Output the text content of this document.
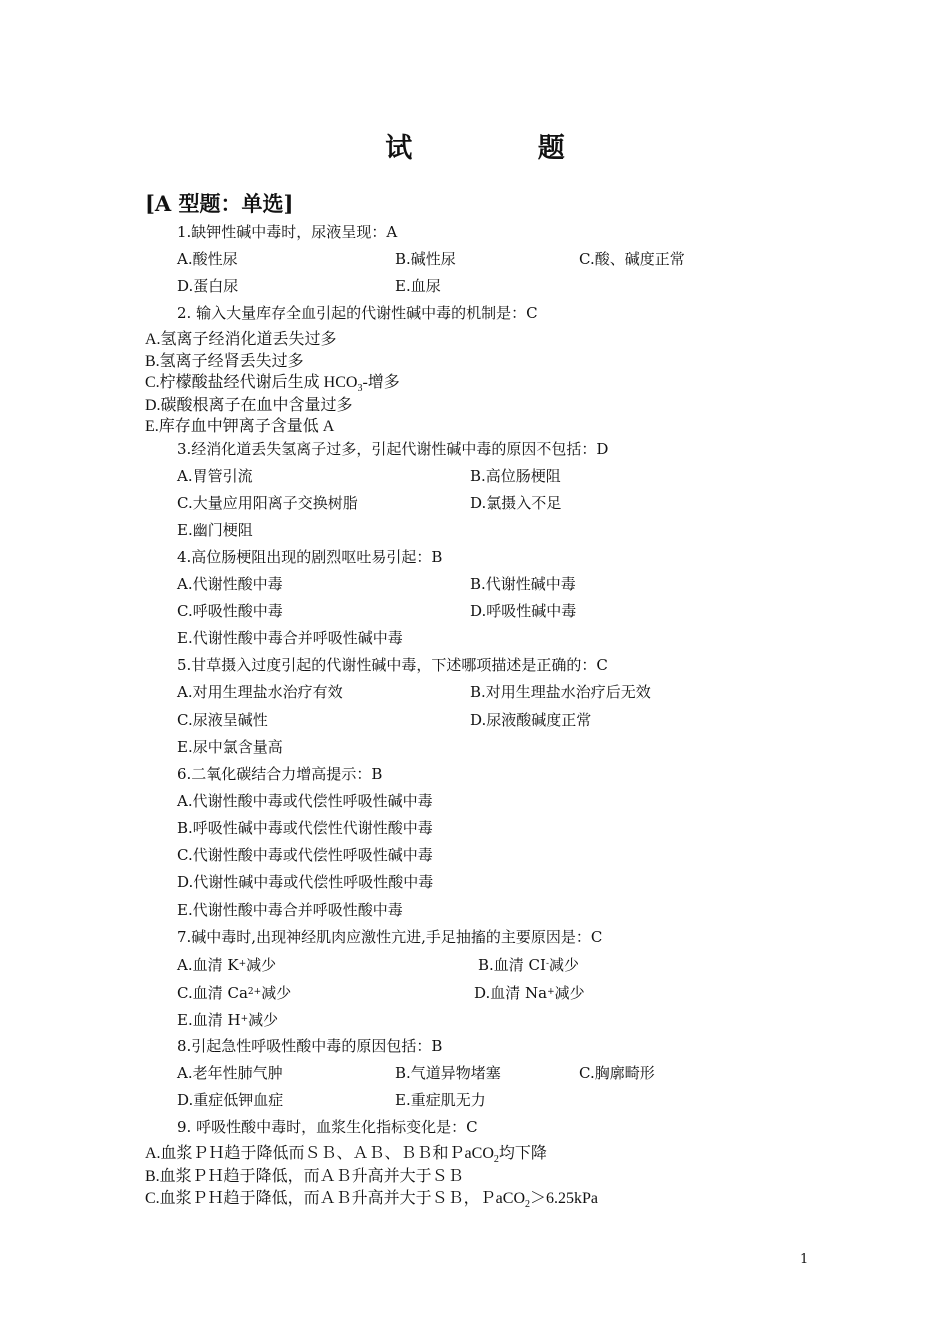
试 题
[A 型题：单选]
1.缺钾性碱中毒时，尿液呈现：A
A.酸性尿	B.碱性尿	C.酸、碱度正常
D.蛋白尿	E.血尿
2. 输入大量库存全血引起的代谢性碱中毒的机制是：C
A.氢离子经消化道丢失过多
B.氢离子经肾丢失过多
C.柠檬酸盐经代谢后生成 $HCO_3-$增多
D.碳酸根离子在血中含量过多
E.库存血中钾离子含量低 A
3.经消化道丢失氢离子过多，引起代谢性碱中毒的原因不包括：D
A.胃管引流	B.高位肠梗阻
C.大量应用阳离子交换树脂	D.氯摄入不足
E.幽门梗阻
4.高位肠梗阻出现的剧烈呕吐易引起：B
A.代谢性酸中毒	B.代谢性碱中毒
C.呼吸性酸中毒	D.呼吸性碱中毒
E.代谢性酸中毒合并呼吸性碱中毒
5.甘草摄入过度引起的代谢性碱中毒，下述哪项描述是正确的：C
A.对用生理盐水治疗有效	B.对用生理盐水治疗后无效
C.尿液呈碱性	D.尿液酸碱度正常
E.尿中氯含量高
6.二氧化碳结合力增高提示：B
A.代谢性酸中毒或代偿性呼吸性碱中毒
B.呼吸性碱中毒或代偿性代谢性酸中毒
C.代谢性酸中毒或代偿性呼吸性碱中毒
D.代谢性碱中毒或代偿性呼吸性酸中毒
E.代谢性酸中毒合并呼吸性酸中毒
7.碱中毒时,出现神经肌肉应激性亢进,手足抽搐的主要原因是：C
A.血清 K+减少	B.血清 CI-减少
C.血清 $Ca^{2+}$减少	D.血清 Na+减少
E.血清 H+减少
8.引起急性呼吸性酸中毒的原因包括：B
A.老年性肺气肿	B.气道异物堵塞	C.胸廓畸形
D.重症低钾血症	E.重症肌无力
9. 呼吸性酸中毒时，血浆生化指标变化是：C
A.血浆ＰＨ趋于降低而ＳＢ、ＡＢ、ＢＢ和ＰaCO$_2$均下降
B.血浆ＰＨ趋于降低，而ＡＢ升高并大于ＳＢ
C.血浆ＰＨ趋于降低，而ＡＢ升高并大于ＳＢ，ＰaCO$_2$＞6.25kPa
1
